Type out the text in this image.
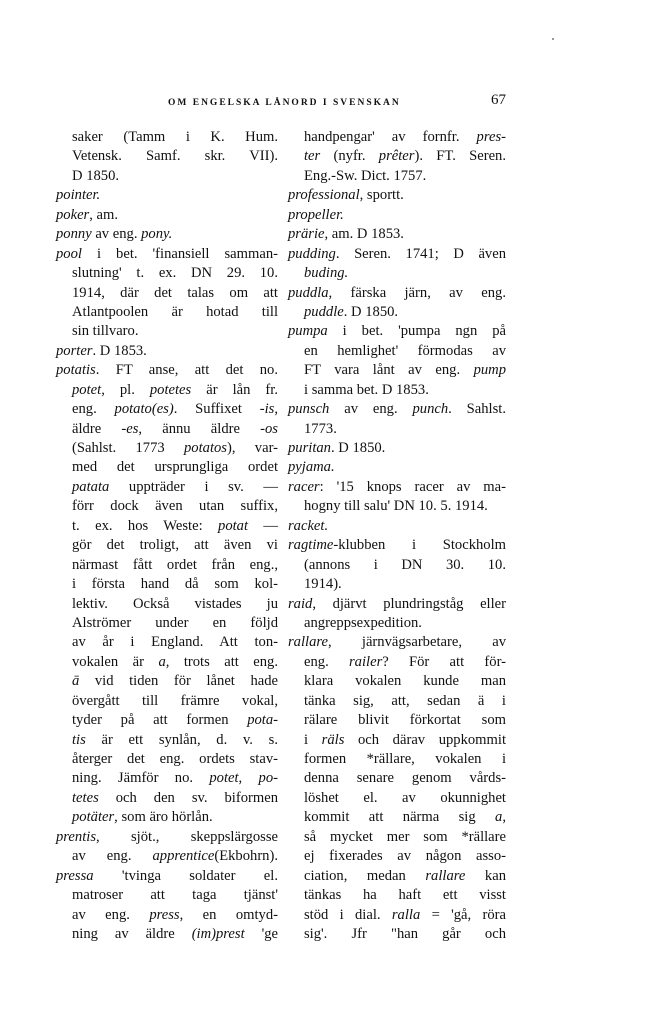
OM ENGELSKA LÅNORD I SVENSKAN	67
saker (Tamm i K. Hum.
Vetensk. Samf. skr. VII).
D 1850.
pointer.
poker, am.
ponny av eng. pony.
pool i bet. 'finansiell samman-
slutning' t. ex. DN 29. 10.
1914, där det talas om att
Atlantpoolen är hotad till
sin tillvaro.
porter. D 1853.
potatis. FT anse, att det no.
potet, pl. potetes är lån fr.
eng. potato(es). Suffixet -is,
äldre -es, ännu äldre -os
(Sahlst. 1773 potatos), var-
med det ursprungliga ordet
patata uppträder i sv. —
förr dock även utan suffix,
t. ex. hos Weste: potat —
gör det troligt, att även vi
närmast fått ordet från eng.,
i första hand då som kol-
lektiv. Också vistades ju
Alströmer under en följd
av år i England. Att ton-
vokalen är a, trots att eng.
ā vid tiden för lånet hade
övergått till främre vokal,
tyder på att formen pota-
tis är ett synlån, d. v. s.
återger det eng. ordets stav-
ning. Jämför no. potet, po-
tetes och den sv. biformen
potäter, som äro hörlån.
prentis, sjöt., skeppslärgosse
av eng. apprentice(Ekbohrn).
pressa 'tvinga soldater el.
matroser att taga tjänst'
av eng. press, en omtyd-
ning av äldre (im)prest 'ge
handpengar' av fornfr. pres-
ter (nyfr. prêter). FT. Seren.
Eng.-Sw. Dict. 1757.
professional, sportt.
propeller.
prärie, am. D 1853.
pudding. Seren. 1741; D även
buding.
puddla, färska järn, av eng.
puddle. D 1850.
pumpa i bet. 'pumpa ngn på
en hemlighet' förmodas av
FT vara lånt av eng. pump
i samma bet. D 1853.
punsch av eng. punch. Sahlst.
1773.
puritan. D 1850.
pyjama.
racer: '15 knops racer av ma-
hogny till salu' DN 10. 5. 1914.
racket.
ragtime-klubben i Stockholm
(annons i DN 30. 10.
1914).
raid, djärvt plundringståg eller
angreppsexpedition.
rallare, järnvägsarbetare, av
eng. railer? För att för-
klara vokalen kunde man
tänka sig, att, sedan ä i
rälare blivit förkortat som
i räls och därav uppkommit
formen *rällare, vokalen i
denna senare genom vårds-
löshet el. av okunnighet
kommit att närma sig a,
så mycket mer som *rällare
ej fixerades av någon asso-
ciation, medan rallare kan
tänkas ha haft ett visst
stöd i dial. ralla = 'gå, röra
sig'. Jfr "han går och
